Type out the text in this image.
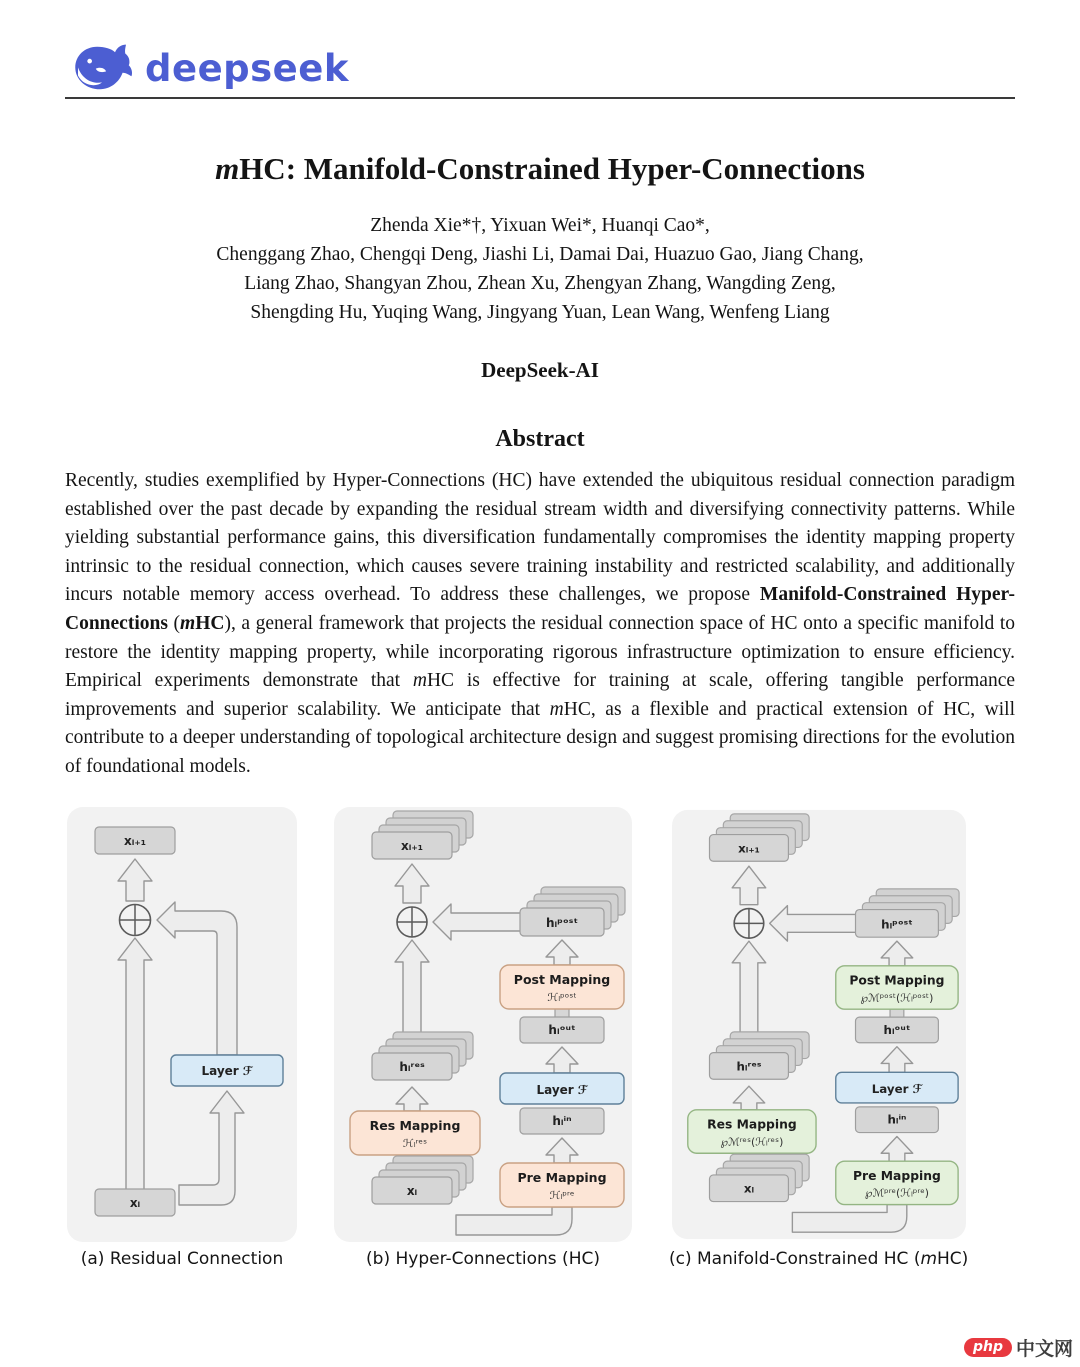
deepseek
mHC: Manifold-Constrained Hyper-Connections
Zhenda Xie*†, Yixuan Wei*, Huanqi Cao*,
Chenggang Zhao, Chengqi Deng, Jiashi Li, Damai Dai, Huazuo Gao, Jiang Chang,
Liang Zhao, Shangyan Zhou, Zhean Xu, Zhengyan Zhang, Wangding Zeng,
Shengding Hu, Yuqing Wang, Jingyang Yuan, Lean Wang, Wenfeng Liang
DeepSeek-AI
Abstract

Recently, studies exemplified by Hyper-Connections (HC) have extended the ubiquitous residual connection paradigm established over the past decade by expanding the residual stream width and diversifying connectivity patterns. While yielding substantial performance gains, this diversification fundamentally compromises the identity mapping property intrinsic to the residual connection, which causes severe training instability and restricted scalability, and additionally incurs notable memory access overhead. To address these challenges, we propose Manifold-Constrained Hyper-Connections (mHC), a general framework that projects the residual connection space of HC onto a specific manifold to restore the identity mapping property, while incorporating rigorous infrastructure optimization to ensure efficiency. Empirical experiments demonstrate that mHC is effective for training at scale, offering tangible performance improvements and superior scalability. We anticipate that mHC, as a flexible and practical extension of HC, will contribute to a deeper understanding of topological architecture design and suggest promising directions for the evolution of foundational models.

xₗ₊₁
Layer ℱ
xₗ
(a) Residual Connection
xₗ₊₁
hₗᵖᵒˢᵗ
Post Mapping
ℋₗᵖᵒˢᵗ
hₗᵒᵘᵗ
Layer ℱ
hₗⁱⁿ
Pre Mapping
ℋₗᵖʳᵉ
hₗʳᵉˢ
Res Mapping
ℋₗʳᵉˢ
xₗ
(b) Hyper-Connections (HC)
xₗ₊₁
hₗᵖᵒˢᵗ
Post Mapping
℘ℳᵖᵒˢᵗ(ℋₗᵖᵒˢᵗ)
hₗᵒᵘᵗ
Layer ℱ
hₗⁱⁿ
Pre Mapping
℘ℳᵖʳᵉ(ℋₗᵖʳᵉ)
hₗʳᵉˢ
Res Mapping
℘ℳʳᵉˢ(ℋₗʳᵉˢ)
xₗ
(c) Manifold-Constrained HC (mHC)
php 中文网
